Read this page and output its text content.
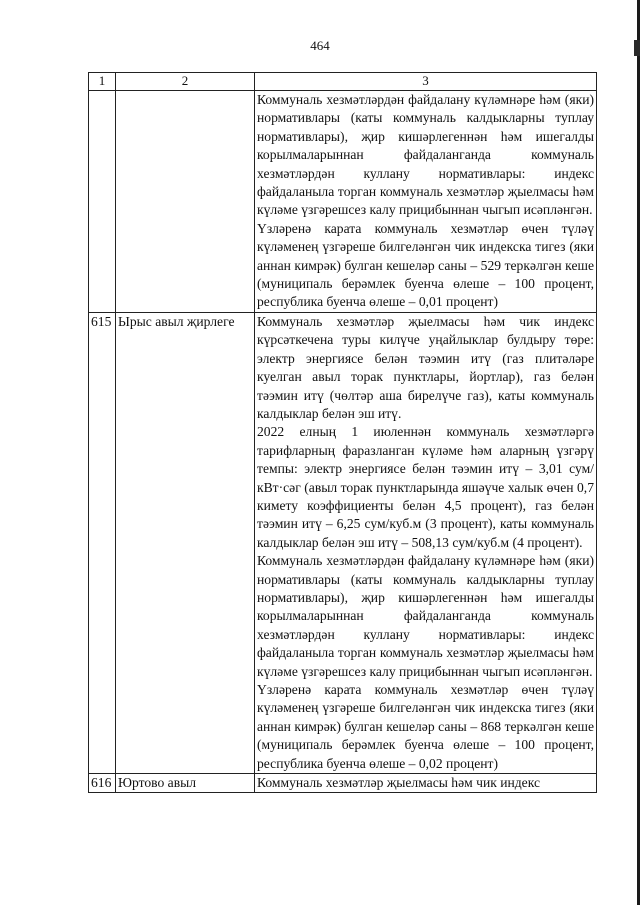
464
1	2	3

		Коммуналь хезмәтләрдән файдалану күләмнәре һәм (яки) нормативлары (каты коммуналь калдыкларны туплау нормативлары), җир кишәрлегеннән һәм ишегалды корылмаларыннан файдаланганда коммуналь хезмәтләрдән куллану нормативлары: индекс файдаланыла торган коммуналь хезмәтләр җыелмасы һәм күләме үзгәрешсез калу прицибыннан чыгып исәпләнгән.

Үзләренә карата коммуналь хезмәтләр өчен түләү күләменең үзгәреше билгеләнгән чик индекска тигез (яки аннан кимрәк) булган кешеләр саны – 529 теркәлгән кеше (муниципаль берәмлек буенча өлеше – 100 процент, республика буенча өлеше – 0,01 процент)

615	Ырыс авыл җирлеге	Коммуналь хезмәтләр җыелмасы һәм чик индекс күрсәткечена туры килүче уңайлыклар булдыру төре: электр энергиясе белән тәэмин итү (газ плитәләре куелган авыл торак пунктлары, йортлар), газ белән тәэмин итү (чөлтәр аша бирелүче газ), каты коммуналь калдыклар белән эш итү.

2022 елның 1 июленнән коммуналь хезмәтләргә тарифларның фаразланган күләме һәм аларның үзгәрү темпы: электр энергиясе белән тәэмин итү – 3,01 сум/кВт·сәг (авыл торак пунктларында яшәүче халык өчен 0,7 кимету коэффициенты белән 4,5 процент), газ белән тәэмин итү – 6,25 сум/куб.м (3 процент), каты коммуналь калдыклар белән эш итү – 508,13 сум/куб.м (4 процент).

Коммуналь хезмәтләрдән файдалану күләмнәре һәм (яки) нормативлары (каты коммуналь калдыкларны туплау нормативлары), җир кишәрлегеннән һәм ишегалды корылмаларыннан файдаланганда коммуналь хезмәтләрдән куллану нормативлары: индекс файдаланыла торган коммуналь хезмәтләр җыелмасы һәм күләме үзгәрешсез калу прицибыннан чыгып исәпләнгән.

Үзләренә карата коммуналь хезмәтләр өчен түләү күләменең үзгәреше билгеләнгән чик индекска тигез (яки аннан кимрәк) булган кешеләр саны – 868 теркәлгән кеше (муниципаль берәмлек буенча өлеше – 100 процент, республика буенча өлеше – 0,02 процент)

616	Юртово авыл	Коммуналь хезмәтләр җыелмасы һәм чик индекс
